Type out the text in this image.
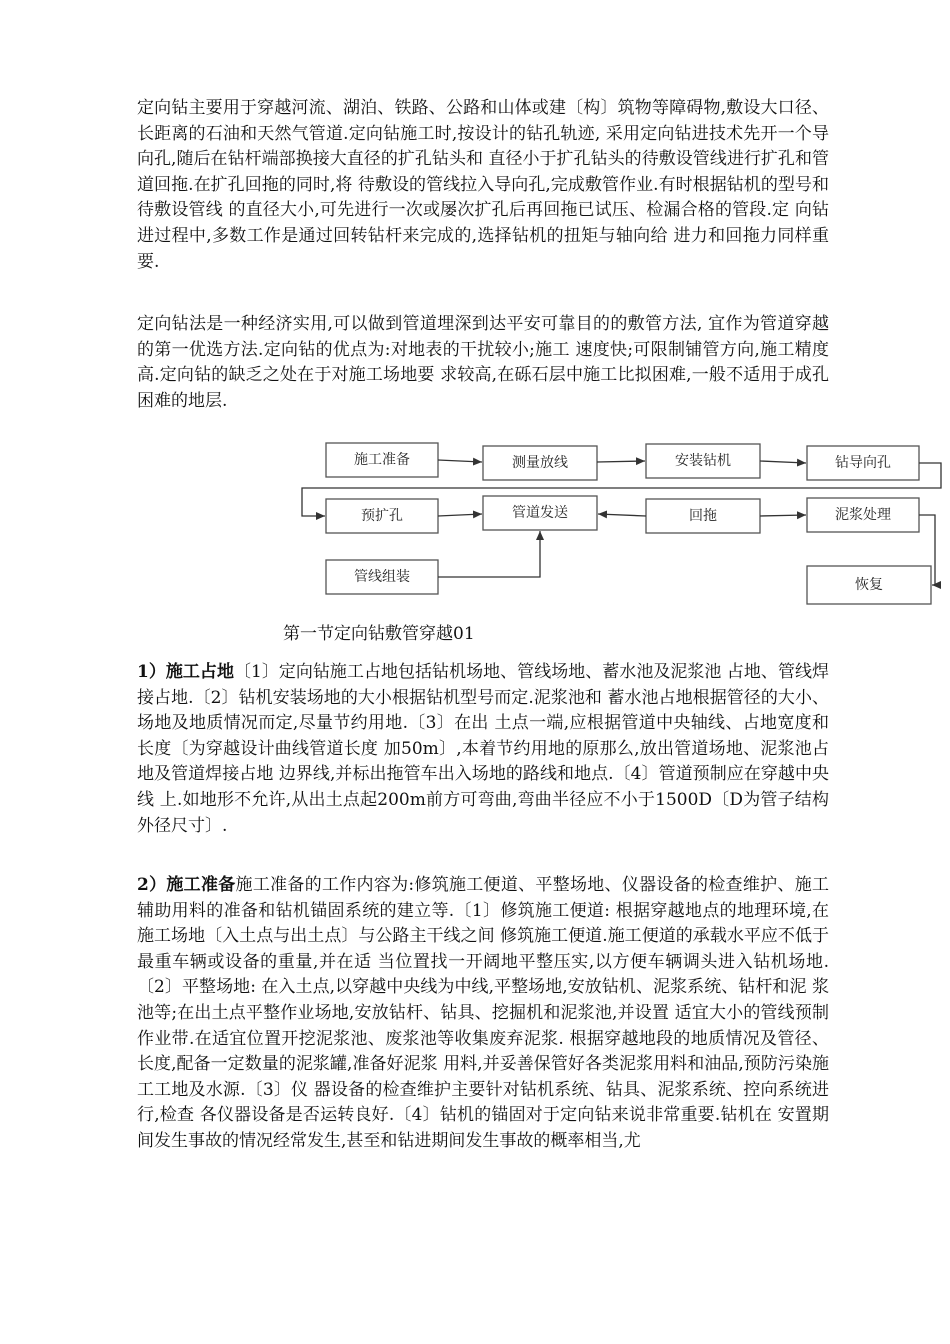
定向钻主要用于穿越河流、湖泊、铁路、公路和山体或建〔构〕筑物等障碍物,敷设大口径、长距离的石油和天然气管道.定向钻施工时,按设计的钻孔轨迹, 采用定向钻进技术先开一个导向孔,随后在钻杆端部换接大直径的扩孔钻头和 直径小于扩孔钻头的待敷设管线进行扩孔和管道回拖.在扩孔回拖的同时,将 待敷设的管线拉入导向孔,完成敷管作业.有时根据钻机的型号和待敷设管线 的直径大小,可先进行一次或屡次扩孔后再回拖已试压、检漏合格的管段.定 向钻进过程中,多数工作是通过回转钻杆来完成的,选择钻机的扭矩与轴向给 进力和回拖力同样重要.

定向钻法是一种经济实用,可以做到管道埋深到达平安可靠目的的敷管方法, 宜作为管道穿越的第一优选方法.定向钻的优点为:对地表的干扰较小;施工 速度快;可限制铺管方向,施工精度高.定向钻的缺乏之处在于对施工场地要 求较高,在砾石层中施工比拟困难,一般不适用于成孔困难的地层.

施工准备	测量放线	安装钻机	钻导向孔
预扩孔	管道发送	回拖	泥浆处理
管线组装	恢复
第一节定向钻敷管穿越01

1）施工占地〔1〕定向钻施工占地包括钻机场地、管线场地、蓄水池及泥浆池 占地、管线焊接占地.〔2〕钻机安装场地的大小根据钻机型号而定.泥浆池和 蓄水池占地根据管径的大小、场地及地质情况而定,尽量节约用地.〔3〕在出 土点一端,应根据管道中央轴线、占地宽度和长度〔为穿越设计曲线管道长度 加50m〕,本着节约用地的原那么,放出管道场地、泥浆池占地及管道焊接占地 边界线,并标出拖管车出入场地的路线和地点.〔4〕管道预制应在穿越中央线 上.如地形不允许,从出土点起200m前方可弯曲,弯曲半径应不小于1500D〔D为管子结构外径尺寸〕.

2）施工准备施工准备的工作内容为:修筑施工便道、平整场地、仪器设备的检查维护、施工辅助用料的准备和钻机锚固系统的建立等.〔1〕修筑施工便道: 根据穿越地点的地理环境,在施工场地〔入土点与出土点〕与公路主干线之间 修筑施工便道.施工便道的承载水平应不低于最重车辆或设备的重量,并在适 当位置找一开阔地平整压实,以方便车辆调头进入钻机场地.〔2〕平整场地: 在入土点,以穿越中央线为中线,平整场地,安放钻机、泥浆系统、钻杆和泥 浆池等;在出土点平整作业场地,安放钻杆、钻具、挖掘机和泥浆池,并设置 适宜大小的管线预制作业带.在适宜位置开挖泥浆池、废浆池等收集废弃泥浆. 根据穿越地段的地质情况及管径、长度,配备一定数量的泥浆罐,准备好泥浆 用料,并妥善保管好各类泥浆用料和油品,预防污染施工工地及水源.〔3〕仪 器设备的检查维护主要针对钻机系统、钻具、泥浆系统、控向系统进行,检查 各仪器设备是否运转良好.〔4〕钻机的锚固对于定向钻来说非常重要.钻机在 安置期间发生事故的情况经常发生,甚至和钻进期间发生事故的概率相当,尤
